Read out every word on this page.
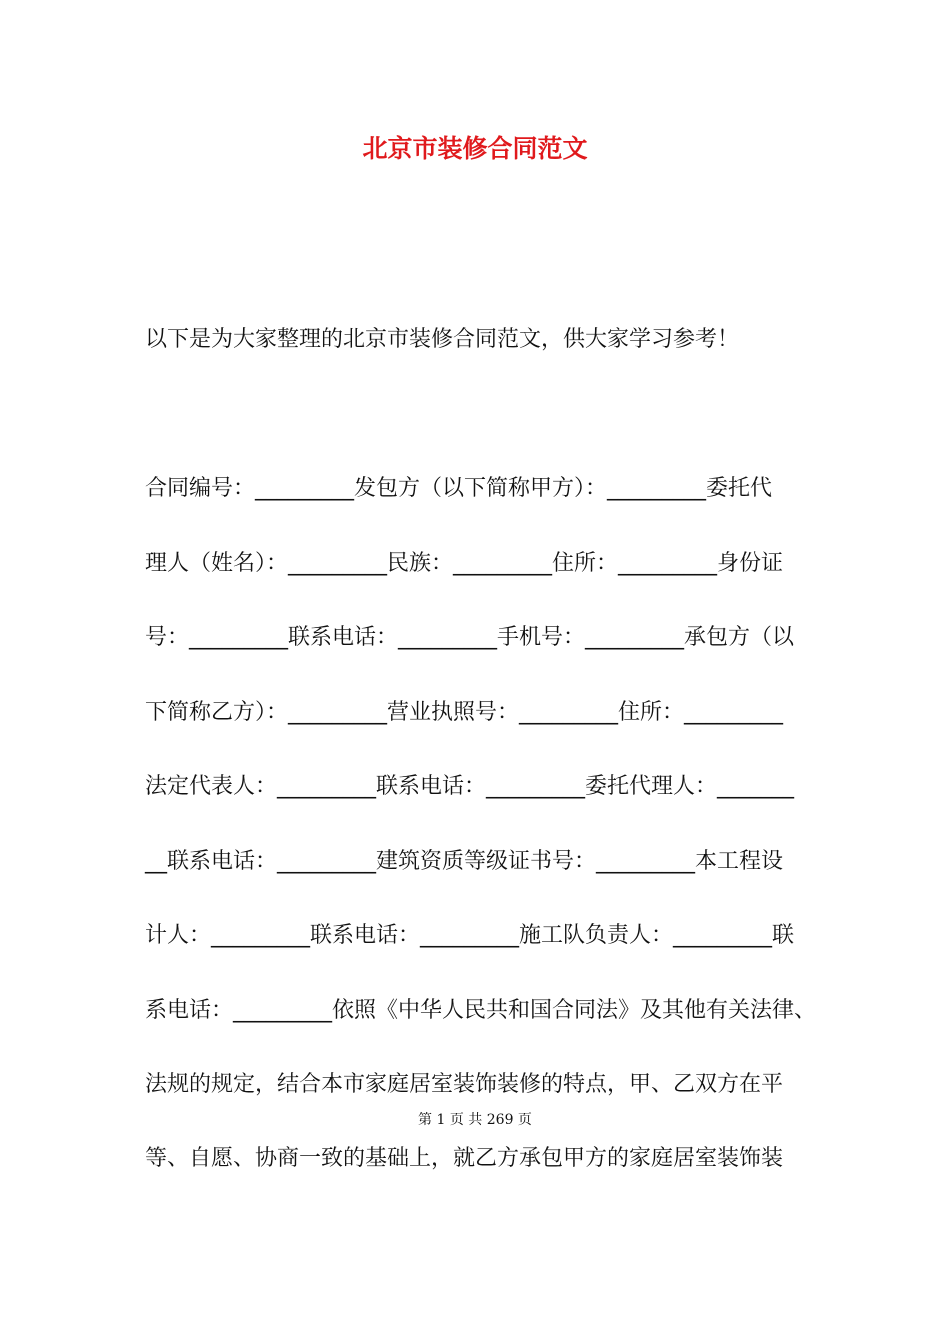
北京市装修合同范文
以下是为大家整理的北京市装修合同范文，供大家学习参考！
合同编号：_________发包方（以下简称甲方）：_________委托代
理人（姓名）：_________民族：_________住所：_________身份证
号：_________联系电话：_________手机号：_________承包方（以
下简称乙方）：_________营业执照号：_________住所：_________
法定代表人：_________联系电话：_________委托代理人：_______
__联系电话：_________建筑资质等级证书号：_________本工程设
计人：_________联系电话：_________施工队负责人：_________联
系电话：_________依照《中华人民共和国合同法》及其他有关法律、
法规的规定，结合本市家庭居室装饰装修的特点，甲、乙双方在平
第 1 页 共 269 页
等、自愿、协商一致的基础上，就乙方承包甲方的家庭居室装饰装
